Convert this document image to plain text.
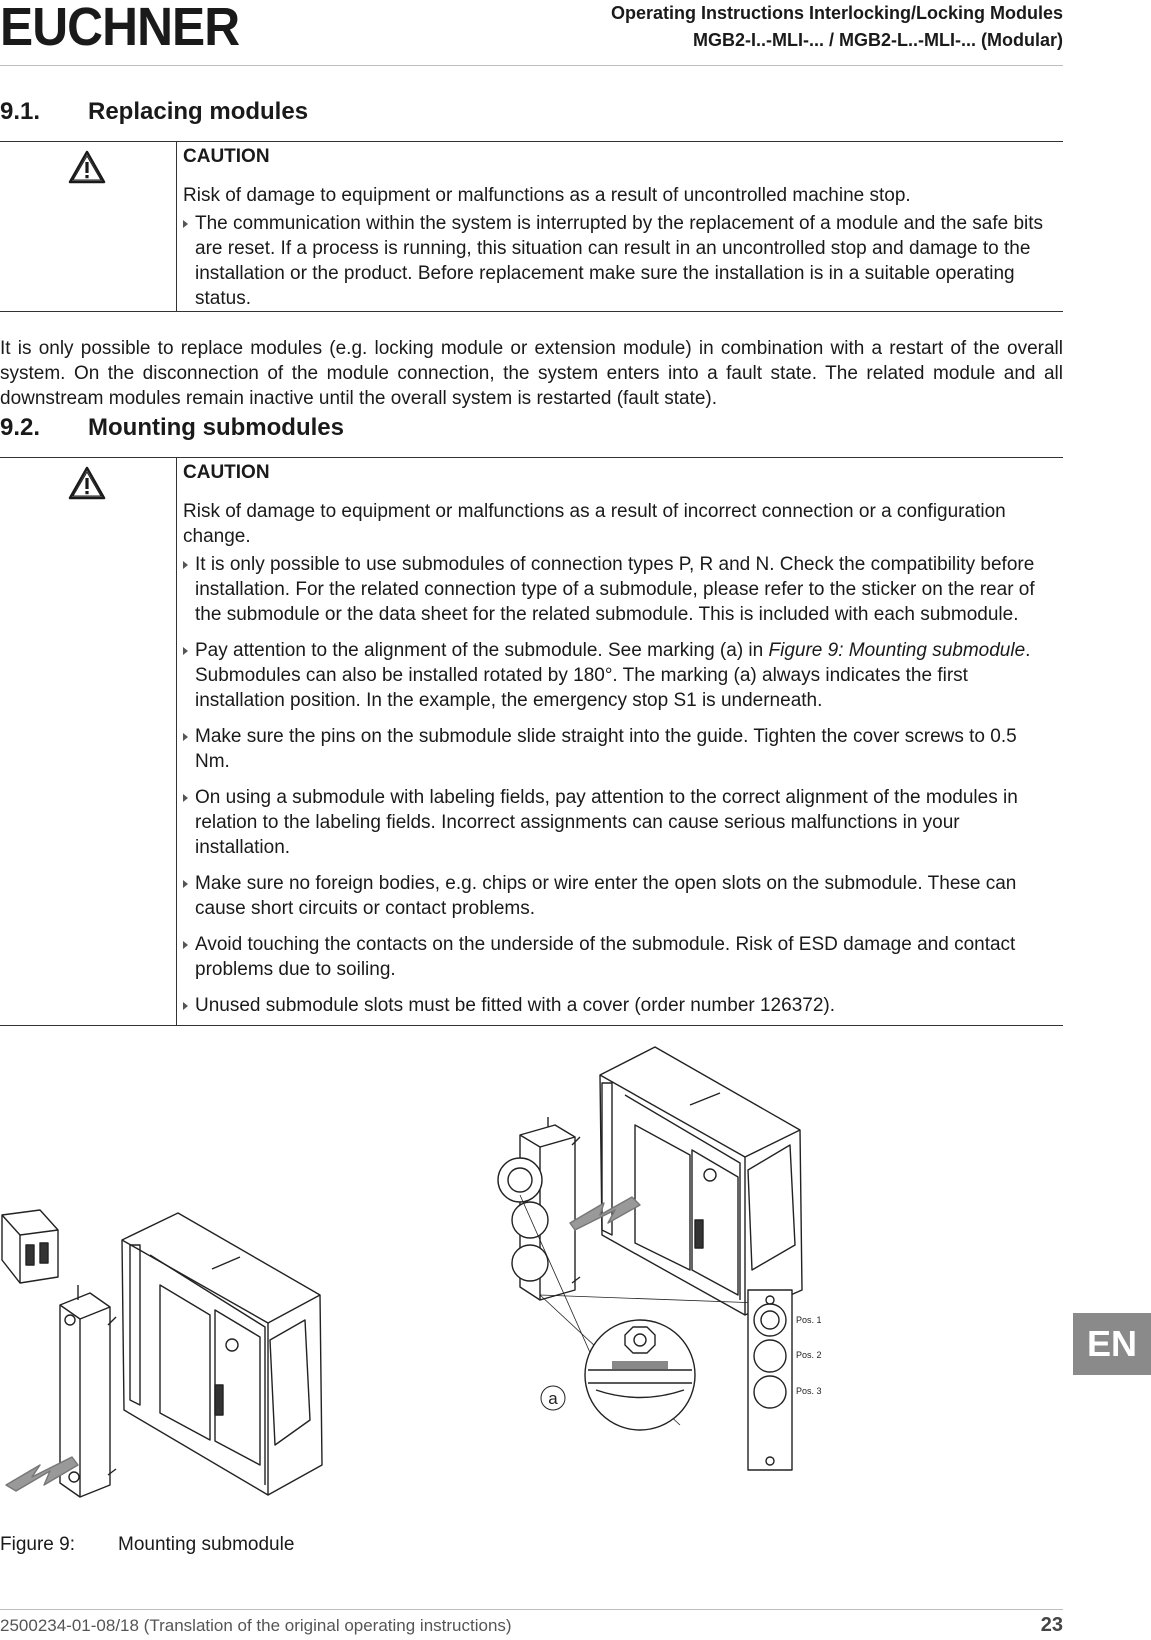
EUCHNER	Operating Instructions Interlocking/Locking Modules
MGB2-I..-MLI-... / MGB2-L..-MLI-... (Modular)
9.1. Replacing modules
CAUTION
Risk of damage to equipment or malfunctions as a result of uncontrolled machine stop.
The communication within the system is interrupted by the replacement of a module and the safe bits are reset. If a process is running, this situation can result in an uncontrolled stop and damage to the installation or the product. Before replacement make sure the installation is in a suitable operating status.
It is only possible to replace modules (e.g. locking module or extension module) in combination with a restart of the overall system. On the disconnection of the module connection, the system enters into a fault state. The related module and all downstream modules remain inactive until the overall system is restarted (fault state).
9.2. Mounting submodules
CAUTION
Risk of damage to equipment or malfunctions as a result of incorrect connection or a configuration change.
It is only possible to use submodules of connection types P, R and N. Check the compatibility before installation. For the related connection type of a submodule, please refer to the sticker on the rear of the submodule or the data sheet for the related submodule. This is included with each submodule.
Pay attention to the alignment of the submodule. See marking (a) in Figure 9: Mounting submodule. Submodules can also be installed rotated by 180°. The marking (a) always indicates the first installation position. In the example, the emergency stop S1 is underneath.
Make sure the pins on the submodule slide straight into the guide. Tighten the cover screws to 0.5 Nm.
On using a submodule with labeling fields, pay attention to the correct alignment of the modules in relation to the labeling fields. Incorrect assignments can cause serious malfunctions in your installation.
Make sure no foreign bodies, e.g. chips or wire enter the open slots on the submodule. These can cause short circuits or contact problems.
Avoid touching the contacts on the underside of the submodule. Risk of ESD damage and contact problems due to soiling.
Unused submodule slots must be fitted with a cover (order number 126372).
a
Pos. 1
Pos. 2
Pos. 3
Figure 9: Mounting submodule
EN
2500234-01-08/18 (Translation of the original operating instructions)	23
